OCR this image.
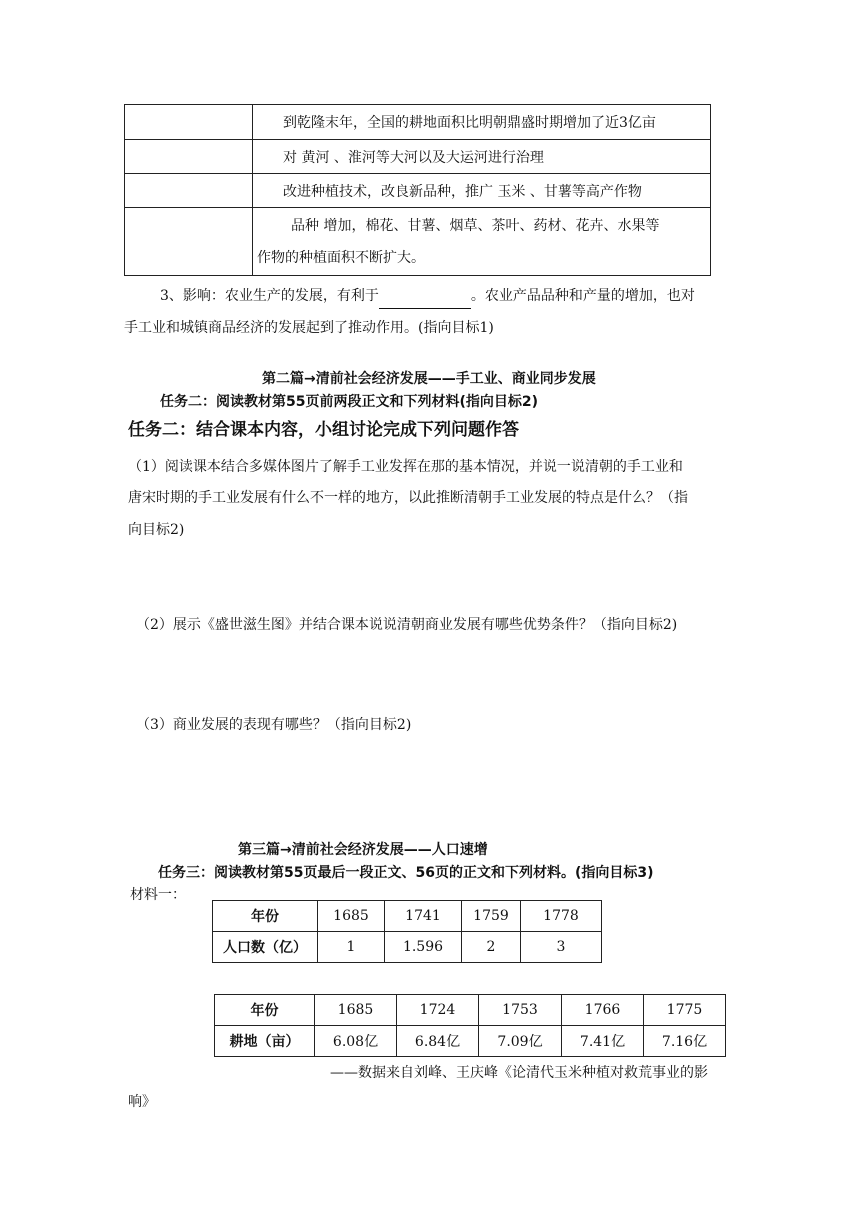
	到乾隆末年，全国的耕地面积比明朝鼎盛时期增加了近3亿亩
	对 黄河 、淮河等大河以及大运河进行治理
	改进种植技术，改良新品种，推广 玉米 、甘薯等高产作物

	品种 增加，棉花、甘薯、烟草、茶叶、药材、花卉、水果等
作物的种植面积不断扩大。
3、影响：农业生产的发展，有利于	。农业产品品种和产量的增加，也对
手工业和城镇商品经济的发展起到了推动作用。(指向目标1)
第二篇→清前社会经济发展——手工业、商业同步发展
任务二：阅读教材第55页前两段正文和下列材料(指向目标2)
任务二：结合课本内容，小组讨论完成下列问题作答
（1）阅读课本结合多媒体图片了解手工业发挥在那的基本情况，并说一说清朝的手工业和
唐宋时期的手工业发展有什么不一样的地方，以此推断清朝手工业发展的特点是什么？（指
向目标2)
（2）展示《盛世滋生图》并结合课本说说清朝商业发展有哪些优势条件？（指向目标2)
（3）商业发展的表现有哪些？（指向目标2)
第三篇→清前社会经济发展——人口速增
任务三：阅读教材第55页最后一段正文、56页的正文和下列材料。(指向目标3)
材料一：
年份	1685	1741	1759	1778
人口数（亿）	1	1.596	2	3
年份	1685	1724	1753	1766	1775
耕地（亩）	6.08亿	6.84亿	7.09亿	7.41亿	7.16亿
——数据来自刘峰、王庆峰《论清代玉米种植对救荒事业的影
响》
